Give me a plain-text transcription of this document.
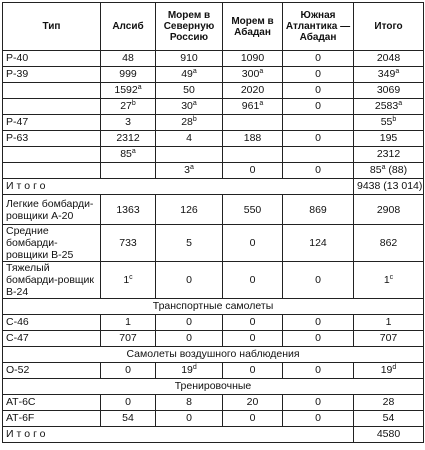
Тип	Алсиб	Морем в Северную Россию	Морем в Абадан	Южная Атлантика — Абадан	Итого
P-40	48	910	1090	0	2048
P-39	999	49$^a$	300$^a$	0	349$^a$
	1592$^a$	50	2020	0	3069
	27$^b$	30$^a$	961$^a$	0	2583$^a$
P-47	3	28$^b$			55$^b$
P-63	2312	4	188	0	195
	85$^a$				2312
		3$^a$	0	0	85$^a$ (88)
Итого					9438 (13 014)
Легкие бомбарди-ровщики А-20	1363	126	550	869	2908
Средние бомбарди-ровщики В-25	733	5	0	124	862
Тяжелый бомбарди-ровщик В-24	1$^c$	0	0	0	1$^c$
Транспортные самолеты					
С-46	1	0	0	0	1
С-47	707	0	0	0	707
Самолеты воздушного наблюдения					
О-52	0	19$^d$	0	0	19$^d$
Тренировочные					
АТ-6С	0	8	20	0	28
АТ-6F	54	0	0	0	54
Итого					4580
